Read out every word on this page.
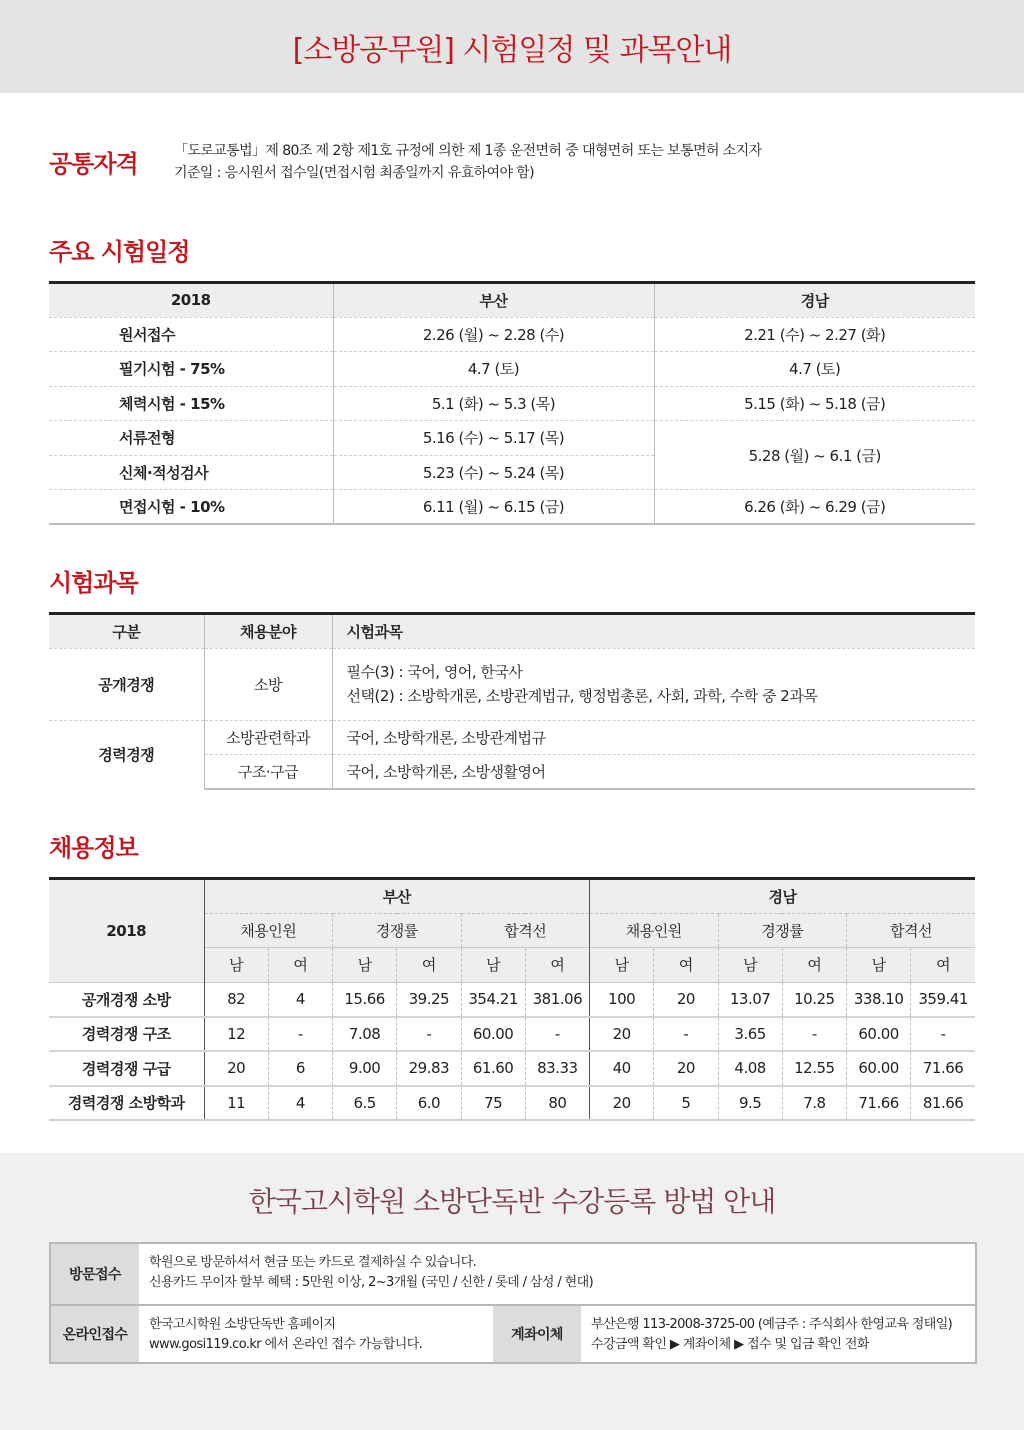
[소방공무원] 시험일정 및 과목안내
공통자격	「도로교통법」제 80조 제 2항 제1호 규정에 의한 제 1종 운전면허 중 대형면허 또는 보통면허 소지자
기준일 : 응시원서 접수일(면접시험 최종일까지 유효하여야 함)
주요 시험일정
2018	부산	경남
원서접수	2.26 (월) ~ 2.28 (수)	2.21 (수) ~ 2.27 (화)
필기시험 - 75%	4.7 (토)	4.7 (토)
체력시험 - 15%	5.1 (화) ~ 5.3 (목)	5.15 (화) ~ 5.18 (금)
서류전형	5.16 (수) ~ 5.17 (목)	5.28 (월) ~ 6.1 (금)
신체·적성검사	5.23 (수) ~ 5.24 (목)	
면접시험 - 10%	6.11 (월) ~ 6.15 (금)	6.26 (화) ~ 6.29 (금)
시험과목
구분	채용분야	시험과목
공개경쟁	소방	필수(3) : 국어, 영어, 한국사
선택(2) : 소방학개론, 소방관계법규, 행정법총론, 사회, 과학, 수학 중 2과목

경력경쟁	소방관련학과	국어, 소방학개론, 소방관계법규
	구조·구급	국어, 소방학개론, 소방생활영어
채용정보
2018	부산						경남					
	채용인원		경쟁률		합격선		채용인원		경쟁률		합격선	
	남	여	남	여	남	여	남	여	남	여	남	여
공개경쟁 소방	82	4	15.66	39.25	354.21	381.06	100	20	13.07	10.25	338.10	359.41
경력경쟁 구조	12	-	7.08	-	60.00	-	20	-	3.65	-	60.00	-
경력경쟁 구급	20	6	9.00	29.83	61.60	83.33	40	20	4.08	12.55	60.00	71.66
경력경쟁 소방학과	11	4	6.5	6.0	75	80	20	5	9.5	7.8	71.66	81.66
한국고시학원 소방단독반 수강등록 방법 안내
방문접수
학원으로 방문하셔서 현금 또는 카드로 결제하실 수 있습니다.
신용카드 무이자 할부 혜택 : 5만원 이상, 2~3개월 (국민 / 신한 / 롯데 / 삼성 / 현대)
온라인접수
한국고시학원 소방단독반 홈페이지
www.gosi119.co.kr 에서 온라인 접수 가능합니다.
계좌이체
부산은행 113-2008-3725-00 (예금주 : 주식회사 한영교육 정태일)
수강금액 확인 ▶ 계좌이체 ▶ 접수 및 입금 확인 전화
